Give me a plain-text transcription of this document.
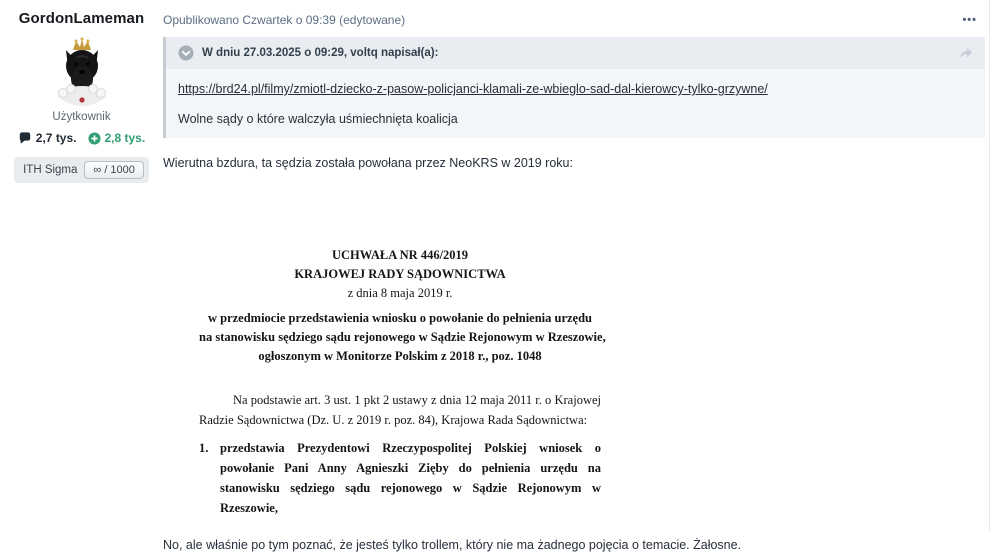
GordonLameman
Użytkownik
2,7 tys. 2,8 tys.
ITH Sigma	∞ / 1000
Opublikowano Czwartek o 09:39 (edytowane)	•••
W dniu 27.03.2025 o 09:29, voltq napisał(a):
https://brd24.pl/filmy/zmiotl-dziecko-z-pasow-policjanci-klamali-ze-wbieglo-sad-dal-kierowcy-tylko-grzywne/
Wolne sądy o które walczyła uśmiechnięta koalicja
Wierutna bzdura, ta sędzia została powołana przez NeoKRS w 2019 roku:
UCHWAŁA NR 446/2019
KRAJOWEJ RADY SĄDOWNICTWA
z dnia 8 maja 2019 r.
w przedmiocie przedstawienia wniosku o powołanie do pełnienia urzędu
na stanowisku sędziego sądu rejonowego w Sądzie Rejonowym w Rzeszowie,
ogłoszonym w Monitorze Polskim z 2018 r., poz. 1048
Na podstawie art. 3 ust. 1 pkt 2 ustawy z dnia 12 maja 2011 r. o Krajowej Radzie Sądownictwa (Dz. U. z 2019 r. poz. 84), Krajowa Rada Sądownictwa:
1. przedstawia Prezydentowi Rzeczypospolitej Polskiej wniosek o powołanie Pani Anny Agnieszki Zięby do pełnienia urzędu na stanowisku sędziego sądu rejonowego w Sądzie Rejonowym w Rzeszowie,
No, ale właśnie po tym poznać, że jesteś tylko trollem, który nie ma żadnego pojęcia o temacie. Żałosne.
